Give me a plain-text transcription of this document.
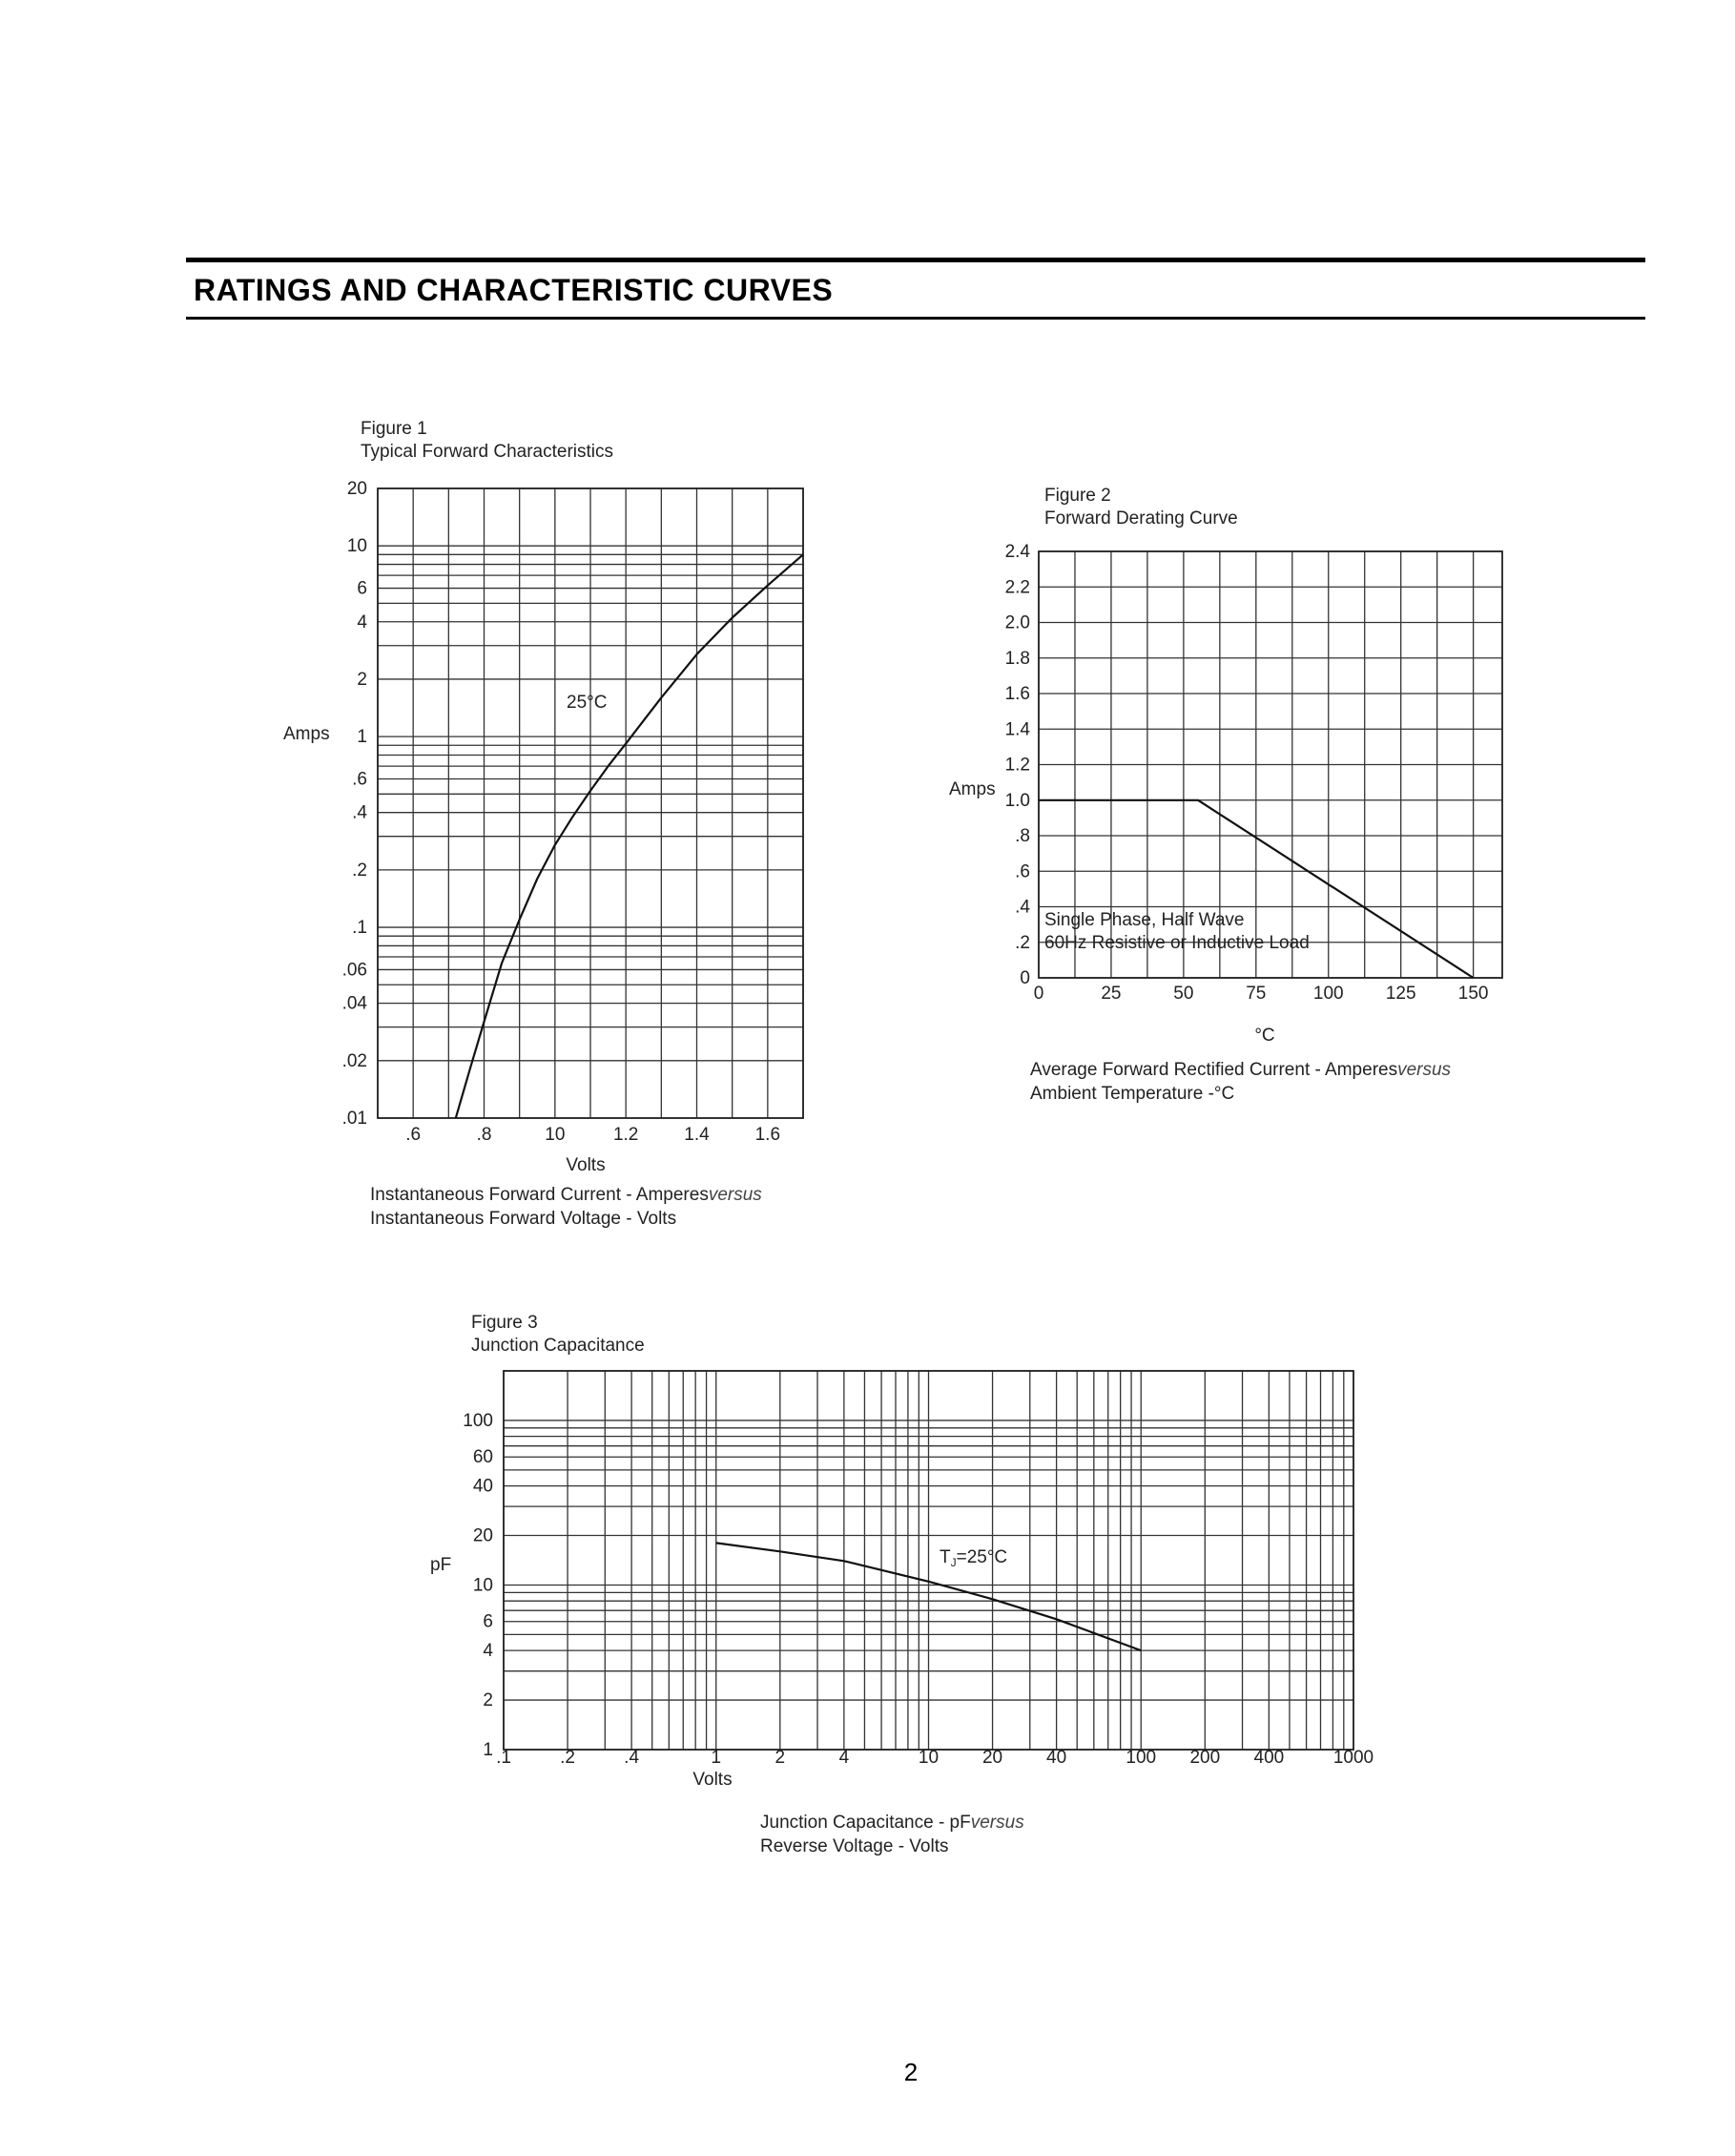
RATINGS AND CHARACTERISTIC CURVES
2
Figure 1
Typical Forward Characteristics
20
10
6
4
2
1
.6
.4
.2
.1
.06
.04
.02
.01
.6	.8	10	1.2	1.4	1.6
Amps
Volts
25°C
Instantaneous Forward Current - Amperesversus
Instantaneous Forward Voltage - Volts
Figure 2
Forward Derating Curve
2.4
2.2
2.0
1.8
1.6
1.4
1.2
1.0
.8
.6
.4
.2
0
0	25	50	75	100 125 150
Amps
°C
Single Phase, Half Wave
60Hz Resistive or Inductive Load
Average Forward Rectified Current - Amperesversus
Ambient Temperature -°C
Figure 3
Junction Capacitance
100
60
40
20
10
6
4
2
1 .1	.2	.4	1	2	4	10 20 40	100 200 400	1000
pF
Volts
$T_J=25^\circ C$
Junction Capacitance - pFversus
Reverse Voltage - Volts
